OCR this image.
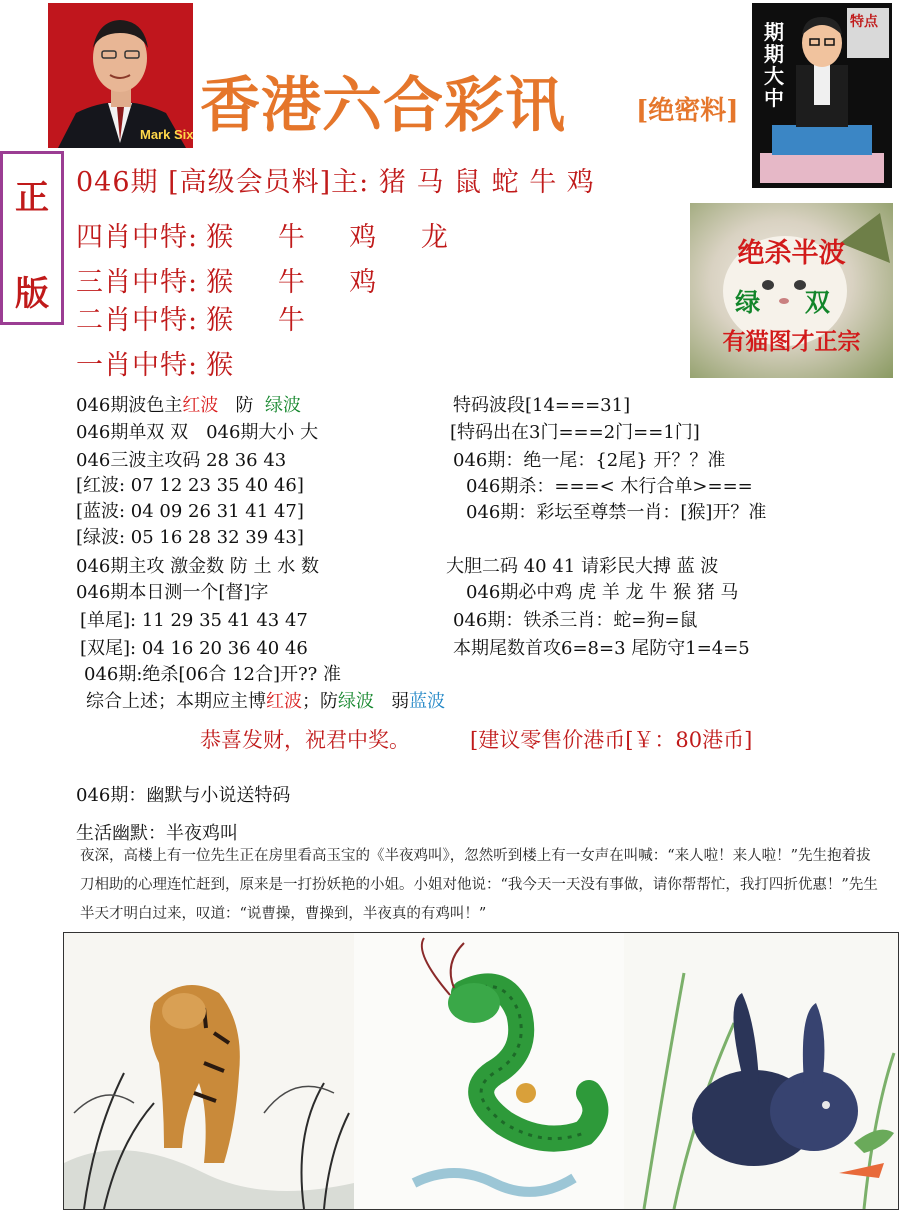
Mark Six 香港六合彩讯	[绝密料]
期期大中
特点
正
版
046期 [高级会员料]主: 猪 马 鼠 蛇 牛 鸡
四肖中特: 猴 牛 鸡 龙
三肖中特: 猴 牛 鸡
二肖中特: 猴 牛
一肖中特: 猴
绝杀半波
绿 双
有猫图才正宗
046期波色主红波 防 绿波
046期单双 双　046期大小 大
046三波主攻码 28 36 43
[红波: 07 12 23 35 40 46]
[蓝波: 04 09 26 31 41 47]
[绿波: 05 16 28 32 39 43]
046期主攻 激金数 防 土 水 数
046期本日测一个[督]字
[单尾]: 11 29 35 41 43 47
[双尾]: 04 16 20 36 40 46
046期:绝杀[06合 12合]开?? 准
综合上述；本期应主博红波；防绿波 弱蓝波
特码波段[14===31]
[特码出在3门===2门==1门]
046期：绝一尾：{2尾} 开？？准
046期杀：===< 木行合单>===
046期：彩坛至尊禁一肖：[猴]开？准
大胆二码 40 41 请彩民大搏 蓝 波
046期必中鸡 虎 羊 龙 牛 猴 猪 马
046期：铁杀三肖：蛇=狗=鼠
本期尾数首攻6=8=3 尾防守1=4=5
恭喜发财，祝君中奖。	[建议零售价港币[￥：80港币]
046期：幽默与小说送特码
生活幽默：半夜鸡叫
夜深，高楼上有一位先生正在房里看高玉宝的《半夜鸡叫》，忽然听到楼上有一女声在叫喊：“来人啦！来人啦！”先生抱着拔刀相助的心理连忙赶到，原来是一打扮妖艳的小姐。小姐对他说：“我今天一天没有事做，请你帮帮忙，我打四折优惠！”先生半天才明白过来，叹道：“说曹操，曹操到，半夜真的有鸡叫！”
